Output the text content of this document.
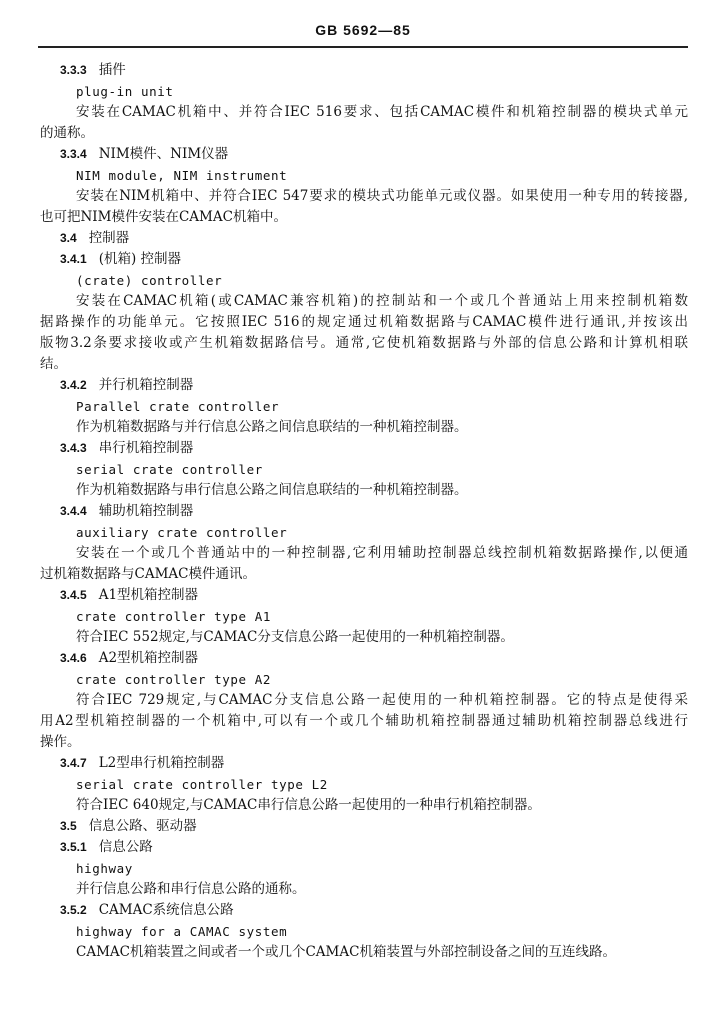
GB 5692—85
3.3.3 插件
plug-in unit
安装在CAMAC机箱中、并符合IEC 516要求、包括CAMAC模件和机箱控制器的模块式单元
的通称。
3.3.4 NIM模件、NIM仪器
NIM module, NIM instrument
安装在NIM机箱中、并符合IEC 547要求的模块式功能单元或仪器。如果使用一种专用的转接器,
也可把NIM模件安装在CAMAC机箱中。
3.4 控制器
3.4.1 (机箱) 控制器
(crate) controller
安装在CAMAC机箱(或CAMAC兼容机箱)的控制站和一个或几个普通站上用来控制机箱数
据路操作的功能单元。它按照IEC 516的规定通过机箱数据路与CAMAC模件进行通讯,并按该出
版物3.2条要求接收或产生机箱数据路信号。通常,它使机箱数据路与外部的信息公路和计算机相联
结。
3.4.2 并行机箱控制器
Parallel crate controller
作为机箱数据路与并行信息公路之间信息联结的一种机箱控制器。
3.4.3 串行机箱控制器
serial crate controller
作为机箱数据路与串行信息公路之间信息联结的一种机箱控制器。
3.4.4 辅助机箱控制器
auxiliary crate controller
安装在一个或几个普通站中的一种控制器,它利用辅助控制器总线控制机箱数据路操作,以便通
过机箱数据路与CAMAC模件通讯。
3.4.5 A1型机箱控制器
crate controller type A1
符合IEC 552规定,与CAMAC分支信息公路一起使用的一种机箱控制器。
3.4.6 A2型机箱控制器
crate controller type A2
符合IEC 729规定,与CAMAC分支信息公路一起使用的一种机箱控制器。它的特点是使得采
用A2型机箱控制器的一个机箱中,可以有一个或几个辅助机箱控制器通过辅助机箱控制器总线进行
操作。
3.4.7 L2型串行机箱控制器
serial crate controller type L2
符合IEC 640规定,与CAMAC串行信息公路一起使用的一种串行机箱控制器。
3.5 信息公路、驱动器
3.5.1 信息公路
highway
并行信息公路和串行信息公路的通称。
3.5.2 CAMAC系统信息公路
highway for a CAMAC system
CAMAC机箱装置之间或者一个或几个CAMAC机箱装置与外部控制设备之间的互连线路。
